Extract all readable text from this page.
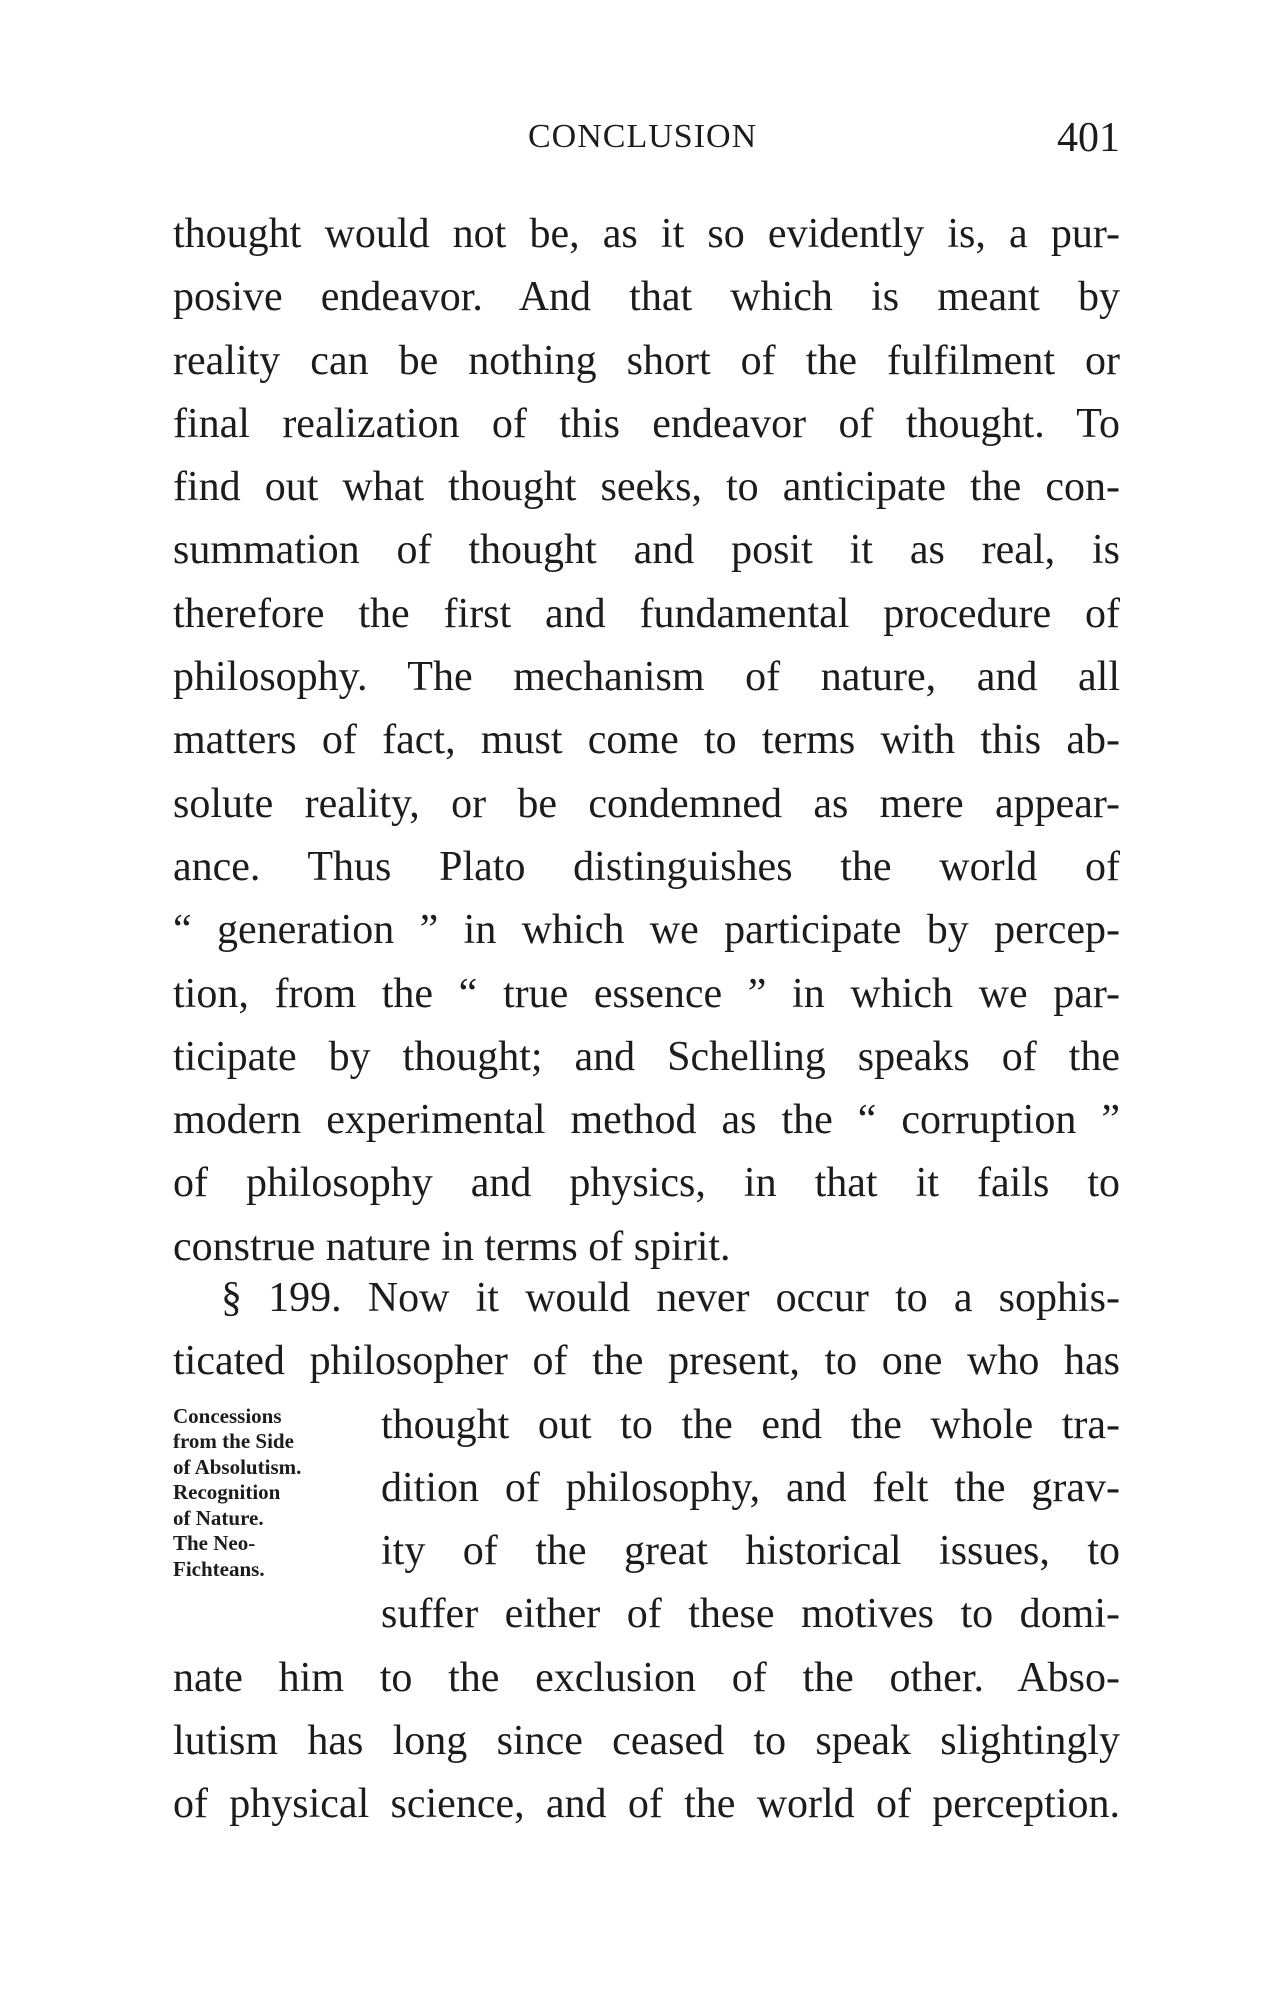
CONCLUSION	401
thought would not be, as it so evidently is, a pur-
posive endeavor. And that which is meant by
reality can be nothing short of the fulfilment or
final realization of this endeavor of thought. To
find out what thought seeks, to anticipate the con-
summation of thought and posit it as real, is
therefore the first and fundamental procedure of
philosophy. The mechanism of nature, and all
matters of fact, must come to terms with this ab-
solute reality, or be condemned as mere appear-
ance. Thus Plato distinguishes the world of
“ generation ” in which we participate by percep-
tion, from the “ true essence ” in which we par-
ticipate by thought; and Schelling speaks of the
modern experimental method as the “ corruption ”
of philosophy and physics, in that it fails to
construe nature in terms of spirit.
§ 199. Now it would never occur to a sophis-
ticated philosopher of the present, to one who has
Concessions
from the Side
of Absolutism.
Recognition
of Nature.
The Neo-
Fichteans.
thought out to the end the whole tra-
dition of philosophy, and felt the grav-
ity of the great historical issues, to
suffer either of these motives to domi-
nate him to the exclusion of the other. Abso-
lutism has long since ceased to speak slightingly
of physical science, and of the world of perception.
